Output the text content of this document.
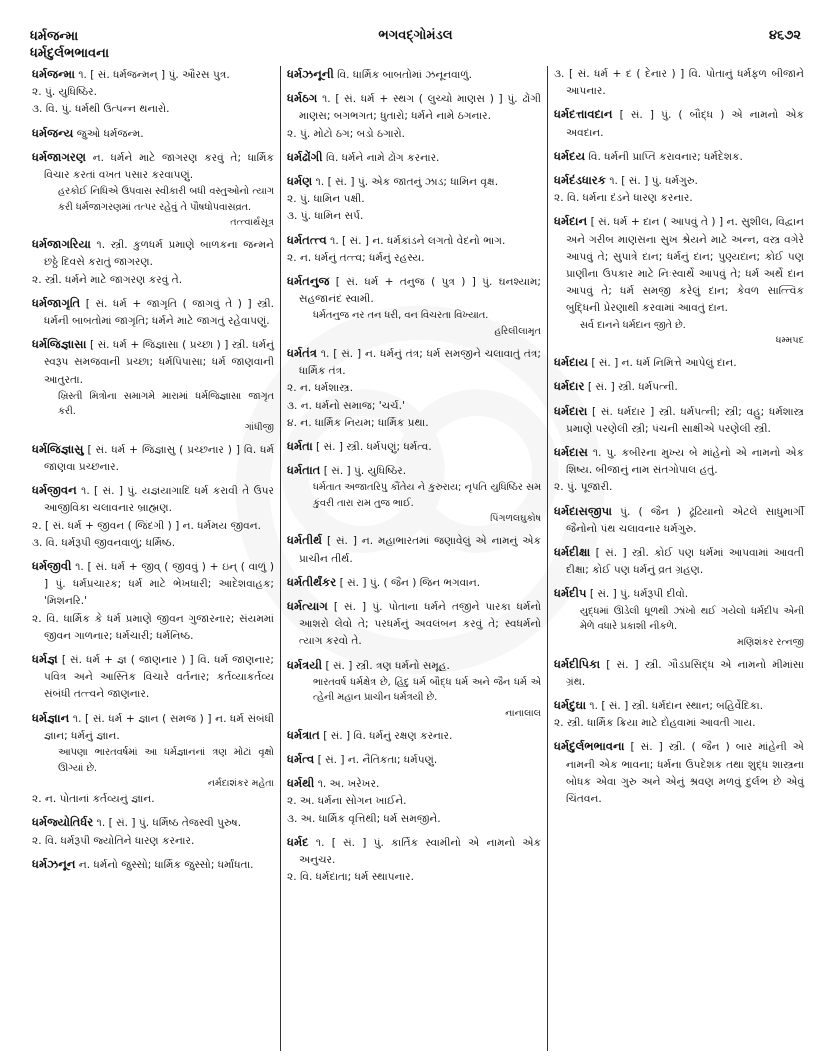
ધર્મજન્મા
ધર્મદુર્લભભાવના
ભગવદ્ગોમંડલ	૪૬૭૨
ધર્મજન્મા ૧. [ સં. ધર્મજન્મન્ ] પું. ઔરસ પુત્ર.
૨. પું. યુધિષ્ઠિર.
૩. વિ. પું. ધર્મથી ઉત્પન્ન થનારો.
ધર્મજન્ય જુઓ ધર્મજન્મ.
ધર્મજાગરણ ન. ધર્મને માટે જાગરણ કરવું તે; ધાર્મિક વિચાર કરતાં વખત પસાર કરવાપણું.
હરકોઈ નિધિએ ઉપવાસ સ્વીકારી બધી વસ્તુઓનો ત્યાગ કરી ધર્મજાગરણમાં તત્પર રહેવું તે પૌષધોપવાસવ્રત.
તત્ત્વાર્થસૂત્ર
ધર્મજાગરિયા ૧. સ્ત્રી. કુળધર્મ પ્રમાણે બાળકના જન્મને છઠ્ઠે દિવસે કરાતું જાગરણ.
૨. સ્ત્રી. ધર્મને માટે જાગરણ કરવું તે.
ધર્મજાગૃતિ [ સં. ધર્મ + જાગૃતિ ( જાગવું તે ) ] સ્ત્રી. ધર્મની બાબતોમાં જાગૃતિ; ધર્મને માટે જાગતું રહેવાપણું.
ધર્મજિજ્ઞાસા [ સં. ધર્મ + જિજ્ઞાસા ( પ્રચ્છા ) ] સ્ત્રી. ધર્મનું સ્વરૂપ સમજવાની પ્રચ્છા; ધર્મપિપાસા; ધર્મ જાણવાની આતુરતા.
ખ્રિસ્તી મિત્રોના સમાગમે મારામાં ધર્મજિજ્ઞાસા જાગૃત કરી.
ગાંધીજી
ધર્મજિજ્ઞાસુ [ સં. ધર્મ + જિજ્ઞાસુ ( પ્રચ્છનાર ) ] વિ. ધર્મ જાણવા પ્રચ્છનાર.
ધર્મજીવન ૧. [ સં. ] પું. યજ્ઞયાગાદિ ધર્મ કરાવી તે ઉપર આજીવિકા ચલાવનાર બ્રાહ્મણ.
૨. [ સં. ધર્મ + જીવન ( જિંદગી ) ] ન. ધર્મમય જીવન.
૩. વિ. ધર્મરૂપી જીવનવાળું; ધર્મિષ્ઠ.
ધર્મજીવી ૧. [ સં. ધર્મ + જીવ્ ( જીવવું ) + ઇન્ ( વાળું ) ] પું. ધર્મપ્રચારક; ધર્મ માટે ભેખધારી; આદેશવાહક; 'મિશનરિ.'
૨. વિ. ધાર્મિક કે ધર્મ પ્રમાણે જીવન ગુજારનાર; સંયમમાં જીવન ગાળનાર; ધર્મચારી; ધર્મનિષ્ઠ.
ધર્મજ્ઞ [ સં. ધર્મ + જ્ઞ ( જાણનાર ) ] વિ. ધર્મ જાણનાર; પવિત્ર અને આસ્તિક વિચારે વર્તનાર; કર્તવ્યાકર્તવ્ય સંબંધી તત્ત્વને જાણનાર.
ધર્મજ્ઞાન ૧. [ સં. ધર્મ + જ્ઞાન ( સમજ ) ] ન. ધર્મ સંબંધી જ્ઞાન; ધર્મનું જ્ઞાન.
આપણા ભારતવર્ષમાં આ ધર્મજ્ઞાનનાં ત્રણ મોટાં વૃક્ષો ઊગ્યાં છે.
નર્મદાશંકર મહેતા
૨. ન. પોતાનાં કર્તવ્યનું જ્ઞાન.
ધર્મજ્યોતિર્ધર ૧. [ સં. ] પું. ધર્મિષ્ઠ તેજસ્વી પુરુષ.
૨. વિ. ધર્મરૂપી જ્યોતિને ધારણ કરનાર.
ધર્મઝનૂન ન. ધર્મનો જુસ્સો; ધાર્મિક જુસ્સો; ધર્માંધતા.
ધર્મઝનૂની વિ. ધાર્મિક બાબતોમાં ઝનૂનવાળું.
ધર્મઠગ ૧. [ સં. ધર્મ + સ્થગ ( લુચ્ચો માણસ ) ] પું. ઢોંગી માણસ; બગભગત; ધુતારો; ધર્મને નામે ઠગનાર.
૨. પું. મોટો ઠગ; બડો ઠગારો.
ધર્મઢોંગી વિ. ધર્મને નામે ઢોંગ કરનાર.
ધર્મણ ૧. [ સં. ] પું. એક જાતનું ઝાડ; ધામિન વૃક્ષ.
૨. પું. ધામિન પક્ષી.
૩. પું. ધામિન સર્પ.
ધર્મતત્ત્વ ૧. [ સં. ] ન. ધર્મકાંડને લગતો વેદનો ભાગ.
૨. ન. ધર્મનું તત્ત્વ; ધર્મનું રહસ્ય.
ધર્મતનુજ [ સં. ધર્મ + તનુજ ( પુત્ર ) ] પું. ઘનશ્યામ; સહજાનંદ સ્વામી.
ધર્મતનુજ નર તન ધરી, વન વિચરતા વિખ્યાત.
હરિલીલામૃત
ધર્મતંત્ર ૧. [ સં. ] ન. ધર્મનું તંત્ર; ધર્મ સમજીને ચલાવાતું તંત્ર; ધાર્મિક તંત્ર.
૨. ન. ધર્મશાસ્ત્ર.
૩. ન. ધર્મનો સમાજ; 'ચર્ચ.'
૪. ન. ધાર્મિક નિયમ; ધાર્મિક પ્રથા.
ધર્મતા [ સં. ] સ્ત્રી. ધર્મપણું; ધર્મત્વ.
ધર્મતાત [ સં. ] પું. યુધિષ્ઠિર.
ધર્મતાત અજાતરિપુ કૌંતેય ને કુરુરાય; નૃપતિ યુધિષ્ઠિર સમ કુંવરી તારા રામ તુજ ભાઈ.
પિંગળલઘુકોષ
ધર્મતીર્થ [ સં. ] ન. મહાભારતમાં જણાવેલું એ નામનું એક પ્રાચીન તીર્થ.
ધર્મતીર્થંકર [ સં. ] પું. ( જૈન ) જિન ભગવાન.
ધર્મત્યાગ [ સં. ] પું. પોતાના ધર્મને તજીને પારકા ધર્મનો આશરો લેવો તે; પરધર્મનું અવલંબન કરવું તે; સ્વધર્મનો ત્યાગ કરવો તે.
ધર્મત્રયી [ સં. ] સ્ત્રી. ત્રણ ધર્મનો સમૂહ.
ભારતવર્ષ ધર્મક્ષેત્ર છે, હિંદુ ધર્મ બૌદ્ધ ધર્મ અને જૈન ધર્મ એ ત્હેની મહાન પ્રાચીન ધર્મત્રયી છે.
નાનાલાલ
ધર્મત્રાત [ સં. ] વિ. ધર્મનું રક્ષણ કરનાર.
ધર્મત્વ [ સં. ] ન. નૈતિકતા; ધર્મપણું.
ધર્મથી ૧. અ. ખરેખર.
૨. અ. ધર્મના સોગન ખાઈને.
૩. અ. ધાર્મિક વૃત્તિથી; ધર્મ સમજીને.
ધર્મદ ૧. [ સં. ] પું. કાર્તિક સ્વામીનો એ નામનો એક અનુચર.
૨. વિ. ધર્મદાતા; ધર્મ સ્થાપનાર.
૩. [ સં. ધર્મ + દ ( દેનાર ) ] વિ. પોતાનું ધર્મફળ બીજાને આપનાર.
ધર્મદત્તાવદાન [ સં. ] પું. ( બૌદ્ધ ) એ નામનો એક અવદાન.
ધર્મદય વિ. ધર્મની પ્રાપ્તિ કરાવનાર; ધર્મદેશક.
ધર્મદંડધારક ૧. [ સં. ] પું. ધર્મગુરુ.
૨. વિ. ધર્મના દંડને ધારણ કરનાર.
ધર્મદાન [ સં. ધર્મ + દાન ( આપવું તે ) ] ન. સુશીલ, વિદ્વાન અને ગરીબ માણસના સુખ શ્રેયને માટે અન્ન, વસ્ત્ર વગેરે આપવું તે; સુપાત્રે દાન; ધર્મનું દાન; પુણ્યદાન; કોઈ પણ પ્રાણીના ઉપકાર માટે નિઃસ્વાર્થે આપવું તે; ધર્મ અર્થે દાન આપવું તે; ધર્મ સમજી કરેલું દાન; કેવળ સાત્ત્વિક બુદ્ધિની પ્રેરણાથી કરવામાં આવતું દાન.
સર્વ દાનને ધર્મદાન જીતે છે.
ધમ્મપદ
ધર્મદાય [ સં. ] ન. ધર્મ નિમિત્તે આપેલું દાન.
ધર્મદાર [ સં. ] સ્ત્રી. ધર્મપત્ની.
ધર્મદારા [ સં. ધર્મદાર ] સ્ત્રી. ધર્મપત્ની; સ્ત્રી; વહુ; ધર્મશાસ્ત્ર પ્રમાણે પરણેલી સ્ત્રી; પંચની સાક્ષીએ પરણેલી સ્ત્રી.
ધર્મદાસ ૧. પુ. કબીરના મુખ્ય બે માંહેનો એ નામનો એક શિષ્ય. બીજાનું નામ સંતગોપાલ હતું.
૨. પું. પૂજારી.
ધર્મદાસજીપા પું. ( જૈન ) ઢૂંઢિયાનો એટલે સાધુમાર્ગી જૈનોનો પંથ ચલાવનાર ધર્મગુરુ.
ધર્મદીક્ષા [ સં. ] સ્ત્રી. કોઈ પણ ધર્મમાં આપવામાં આવતી દીક્ષા; કોઈ પણ ધર્મનું વ્રત ગ્રહણ.
ધર્મદીપ [ સં. ] પું. ધર્મરૂપી દીવો.
યુદ્ધમાં ઊડેલી ધૂળથી ઝાંખો થઈ ગયેલો ધર્મદીપ એની મેળે વધારે પ્રકાશી નીકળે.
મણિશંકર રત્નજી
ધર્મદીપિકા [ સં. ] સ્ત્રી. ગૌડપ્રસિદ્ધ એ નામનો મીમાંસા ગ્રંથ.
ધર્મદુઘા ૧. [ સં. ] સ્ત્રી. ધર્મદાન સ્થાન; બહિર્વેદિકા.
૨. સ્ત્રી. ધાર્મિક ક્રિયા માટે દોહવામાં આવતી ગાય.
ધર્મદુર્લભભાવના [ સં. ] સ્ત્રી. ( જૈન ) બાર માંહેની એ નામની એક ભાવના; ધર્મના ઉપદેશક તથા શુદ્ધ શાસ્ત્રના બોધક એવા ગુરુ અને એનું શ્રવણ મળવું દુર્લભ છે એવું ચિંતવન.
